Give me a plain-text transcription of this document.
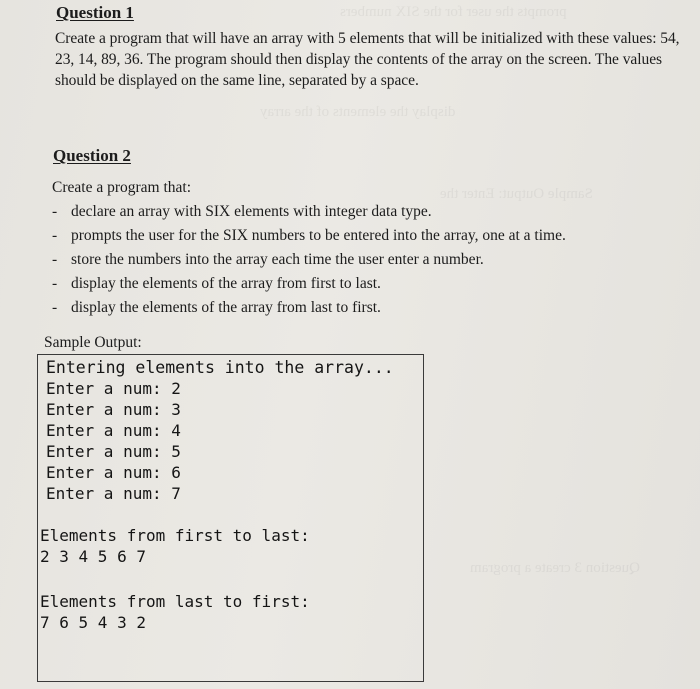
prompts the user for the SIX numbers
display the elements of the array
Sample Output: Enter the
Question 3 create a program
Question 1
Create a program that will have an array with 5 elements that will be initialized with these values: 54, 23, 14, 89, 36. The program should then display the contents of the array on the screen. The values should be displayed on the same line, separated by a space.
Question 2
Create a program that:
- declare an array with SIX elements with integer data type.
- prompts the user for the SIX numbers to be entered into the array, one at a time.
- store the numbers into the array each time the user enter a number.
- display the elements of the array from first to last.
- display the elements of the array from last to first.
Sample Output:
Entering elements into the array...
Enter a num: 2
Enter a num: 3
Enter a num: 4
Enter a num: 5
Enter a num: 6
Enter a num: 7
Elements from first to last:
2 3 4 5 6 7
Elements from last to first:
7 6 5 4 3 2
